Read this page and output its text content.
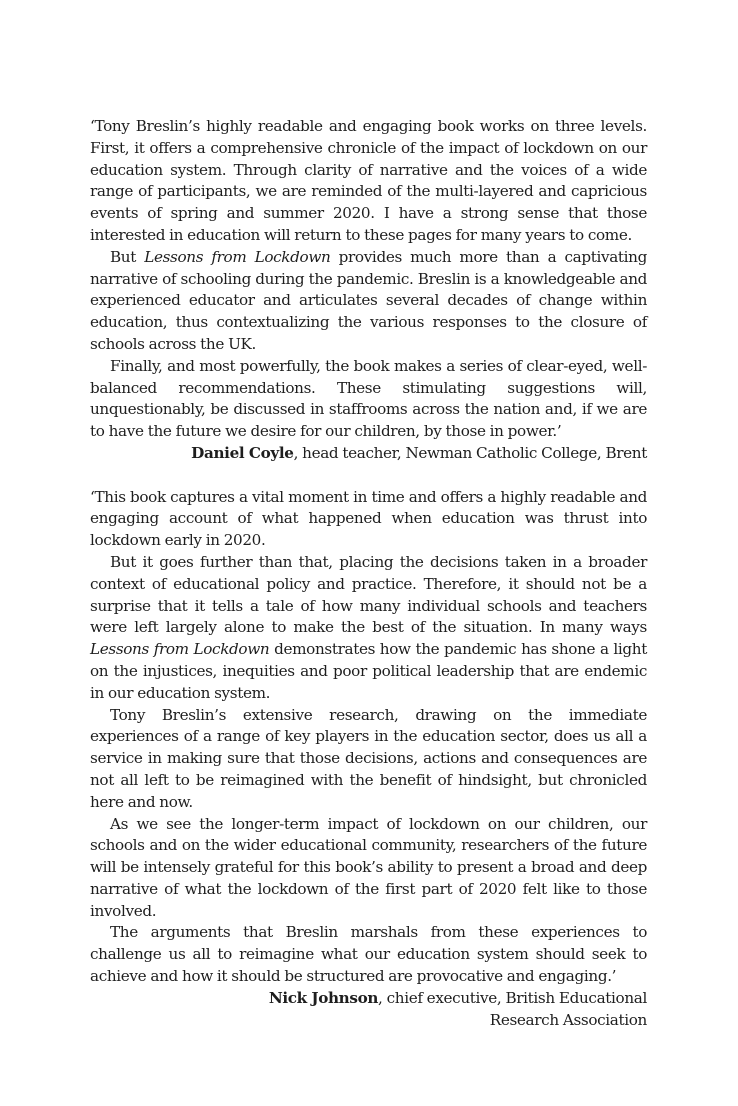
‘Tony Breslin’s highly readable and engaging book works on three levels. First, it offers a comprehensive chronicle of the impact of lockdown on our education system. Through clarity of narrative and the voices of a wide range of participants, we are reminded of the multi-layered and capricious events of spring and summer 2020. I have a strong sense that those interested in education will return to these pages for many years to come.

But Lessons from Lockdown provides much more than a captivating narrative of schooling during the pandemic. Breslin is a knowledgeable and experienced educator and articulates several decades of change within education, thus contextualizing the various responses to the closure of schools across the UK.

Finally, and most powerfully, the book makes a series of clear-eyed, well-balanced recommendations. These stimulating suggestions will, unquestionably, be discussed in staffrooms across the nation and, if we are to have the future we desire for our children, by those in power.’

Daniel Coyle, head teacher, Newman Catholic College, Brent

‘This book captures a vital moment in time and offers a highly readable and engaging account of what happened when education was thrust into lockdown early in 2020.

But it goes further than that, placing the decisions taken in a broader context of educational policy and practice. Therefore, it should not be a surprise that it tells a tale of how many individual schools and teachers were left largely alone to make the best of the situation. In many ways Lessons from Lockdown demonstrates how the pandemic has shone a light on the injustices, inequities and poor political leadership that are endemic in our education system.

Tony Breslin’s extensive research, drawing on the immediate experiences of a range of key players in the education sector, does us all a service in making sure that those decisions, actions and consequences are not all left to be reimagined with the benefit of hindsight, but chronicled here and now.

As we see the longer-term impact of lockdown on our children, our schools and on the wider educational community, researchers of the future will be intensely grateful for this book’s ability to present a broad and deep narrative of what the lockdown of the first part of 2020 felt like to those involved.

The arguments that Breslin marshals from these experiences to challenge us all to reimagine what our education system should seek to achieve and how it should be structured are provocative and engaging.’

Nick Johnson, chief executive, British Educational
Research Association
